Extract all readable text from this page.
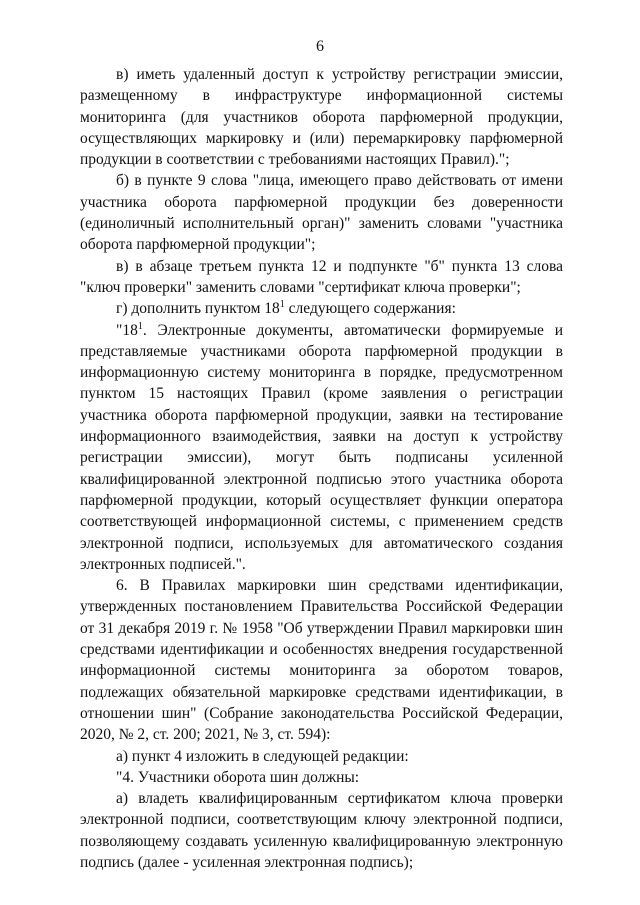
6

в) иметь удаленный доступ к устройству регистрации эмиссии, размещенному в инфраструктуре информационной системы мониторинга (для участников оборота парфюмерной продукции, осуществляющих маркировку и (или) перемаркировку парфюмерной продукции в соответствии с требованиями настоящих Правил).";

б) в пункте 9 слова "лица, имеющего право действовать от имени участника оборота парфюмерной продукции без доверенности (единоличный исполнительный орган)" заменить словами "участника оборота парфюмерной продукции";

в) в абзаце третьем пункта 12 и подпункте "б" пункта 13 слова "ключ проверки" заменить словами "сертификат ключа проверки";

г) дополнить пунктом $18^1$ следующего содержания:

"$18^1$. Электронные документы, автоматически формируемые и представляемые участниками оборота парфюмерной продукции в информационную систему мониторинга в порядке, предусмотренном пунктом 15 настоящих Правил (кроме заявления о регистрации участника оборота парфюмерной продукции, заявки на тестирование информационного взаимодействия, заявки на доступ к устройству регистрации эмиссии), могут быть подписаны усиленной квалифицированной электронной подписью этого участника оборота парфюмерной продукции, который осуществляет функции оператора соответствующей информационной системы, с применением средств электронной подписи, используемых для автоматического создания электронных подписей.".

6. В Правилах маркировки шин средствами идентификации, утвержденных постановлением Правительства Российской Федерации от 31 декабря 2019 г. № 1958 "Об утверждении Правил маркировки шин средствами идентификации и особенностях внедрения государственной информационной системы мониторинга за оборотом товаров, подлежащих обязательной маркировке средствами идентификации, в отношении шин" (Собрание законодательства Российской Федерации, 2020, № 2, ст. 200; 2021, № 3, ст. 594):

а) пункт 4 изложить в следующей редакции:

"4. Участники оборота шин должны:

а) владеть квалифицированным сертификатом ключа проверки электронной подписи, соответствующим ключу электронной подписи, позволяющему создавать усиленную квалифицированную электронную подпись (далее - усиленная электронная подпись);
